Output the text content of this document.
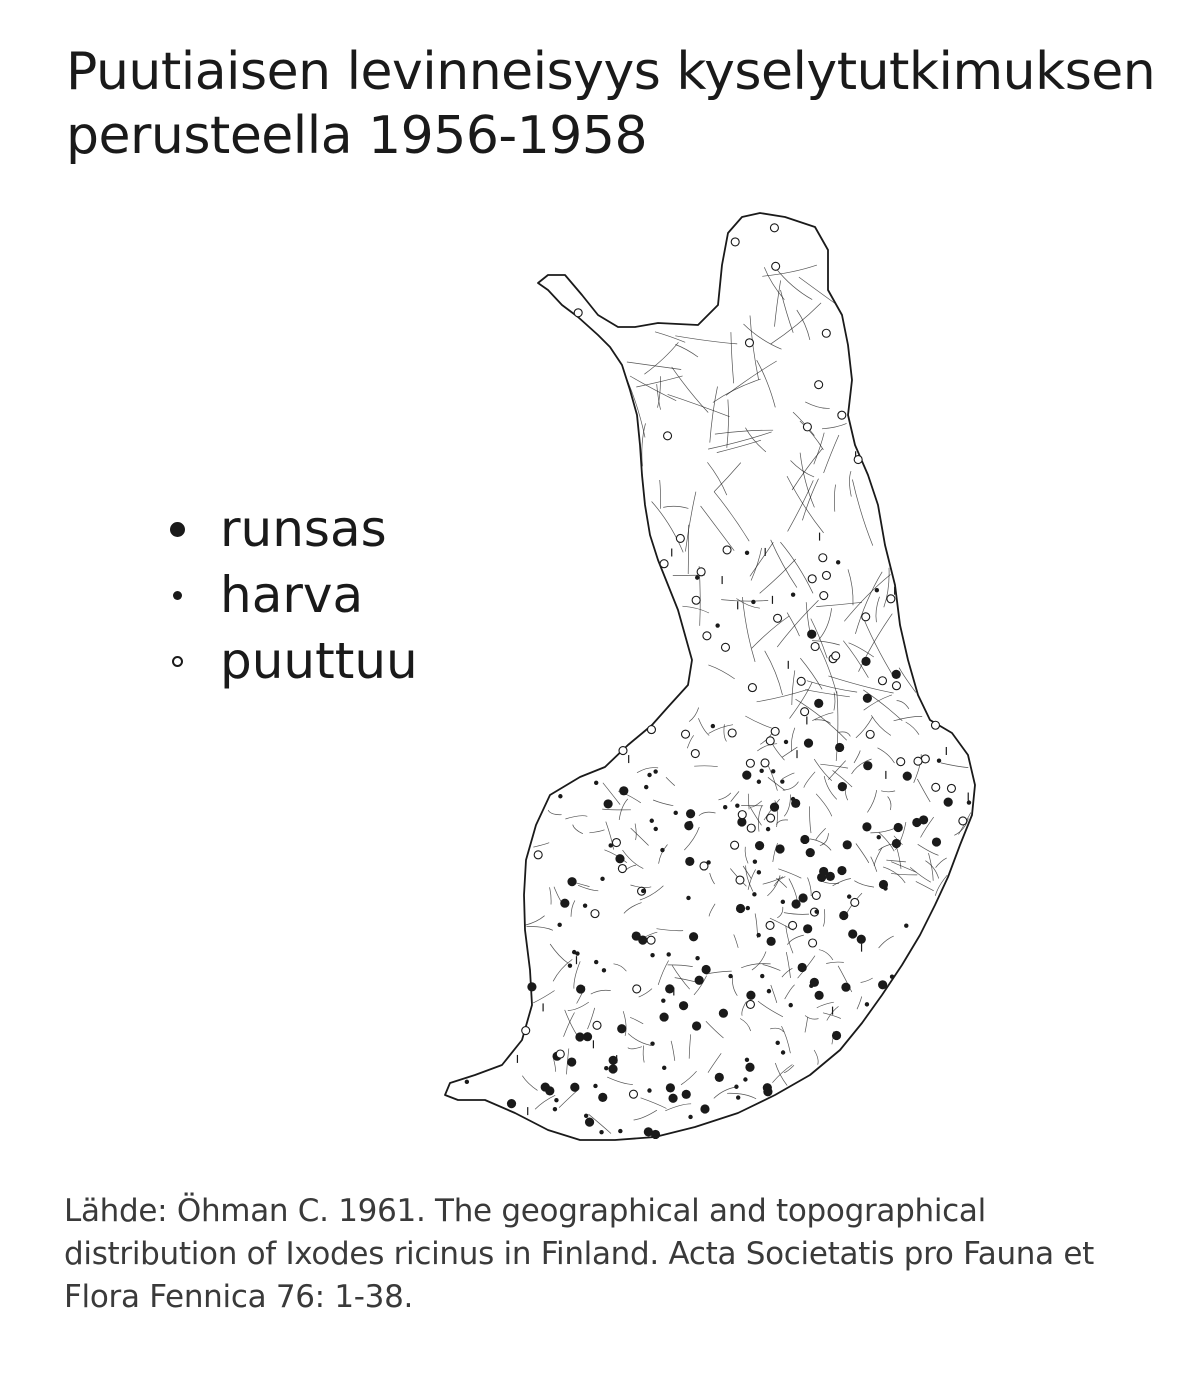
Puutiaisen levinneisyys kyselytutkimuksen perusteella 1956-1958
runsas
harva
puuttuu

Lähde: Öhman C. 1961. The geographical and topographical distribution of Ixodes ricinus in Finland. Acta Societatis pro Fauna et Flora Fennica 76: 1-38.
